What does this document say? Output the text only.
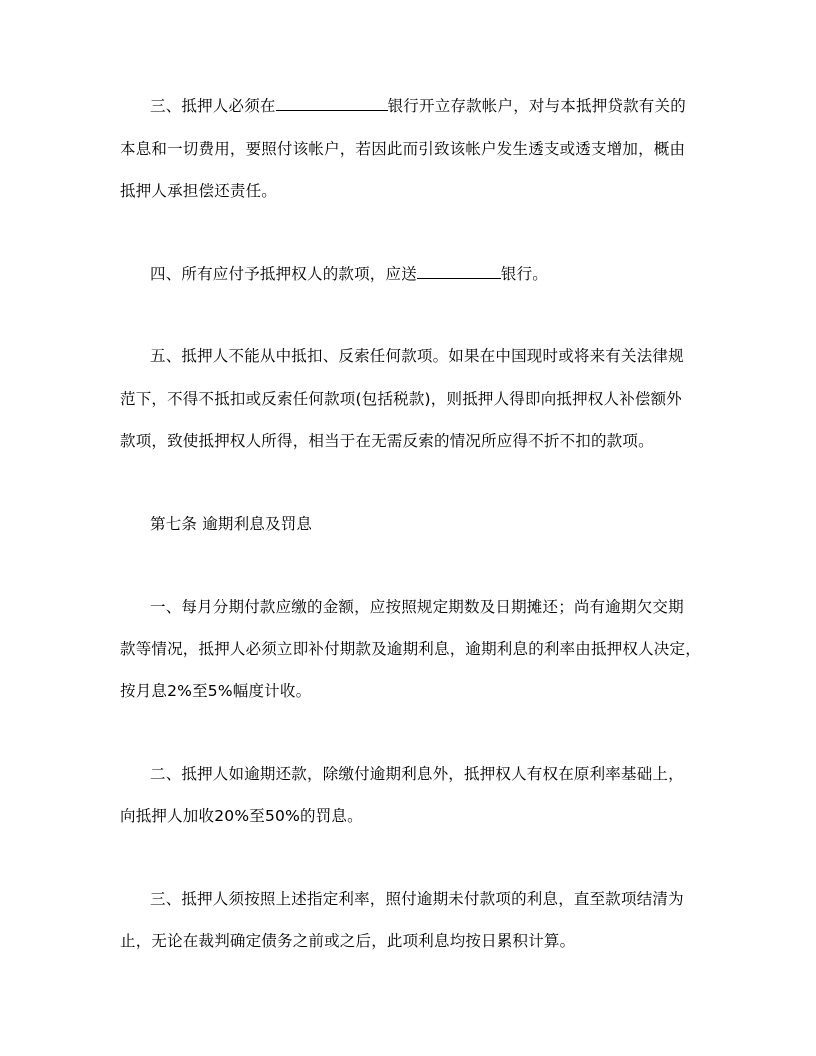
三、抵押人必须在	银行开立存款帐户，对与本抵押贷款有关的
本息和一切费用，要照付该帐户，若因此而引致该帐户发生透支或透支增加，概由
抵押人承担偿还责任。
四、所有应付予抵押权人的款项，应送	银行。
五、抵押人不能从中抵扣、反索任何款项。如果在中国现时或将来有关法律规
范下，不得不抵扣或反索任何款项(包括税款)，则抵押人得即向抵押权人补偿额外
款项，致使抵押权人所得，相当于在无需反索的情况所应得不折不扣的款项。
第七条 逾期利息及罚息
一、每月分期付款应缴的金额，应按照规定期数及日期摊还；尚有逾期欠交期
款等情况，抵押人必须立即补付期款及逾期利息，逾期利息的利率由抵押权人决定，
按月息2%至5%幅度计收。
二、抵押人如逾期还款，除缴付逾期利息外，抵押权人有权在原利率基础上，
向抵押人加收20%至50%的罚息。
三、抵押人须按照上述指定利率，照付逾期未付款项的利息，直至款项结清为
止，无论在裁判确定债务之前或之后，此项利息均按日累积计算。
